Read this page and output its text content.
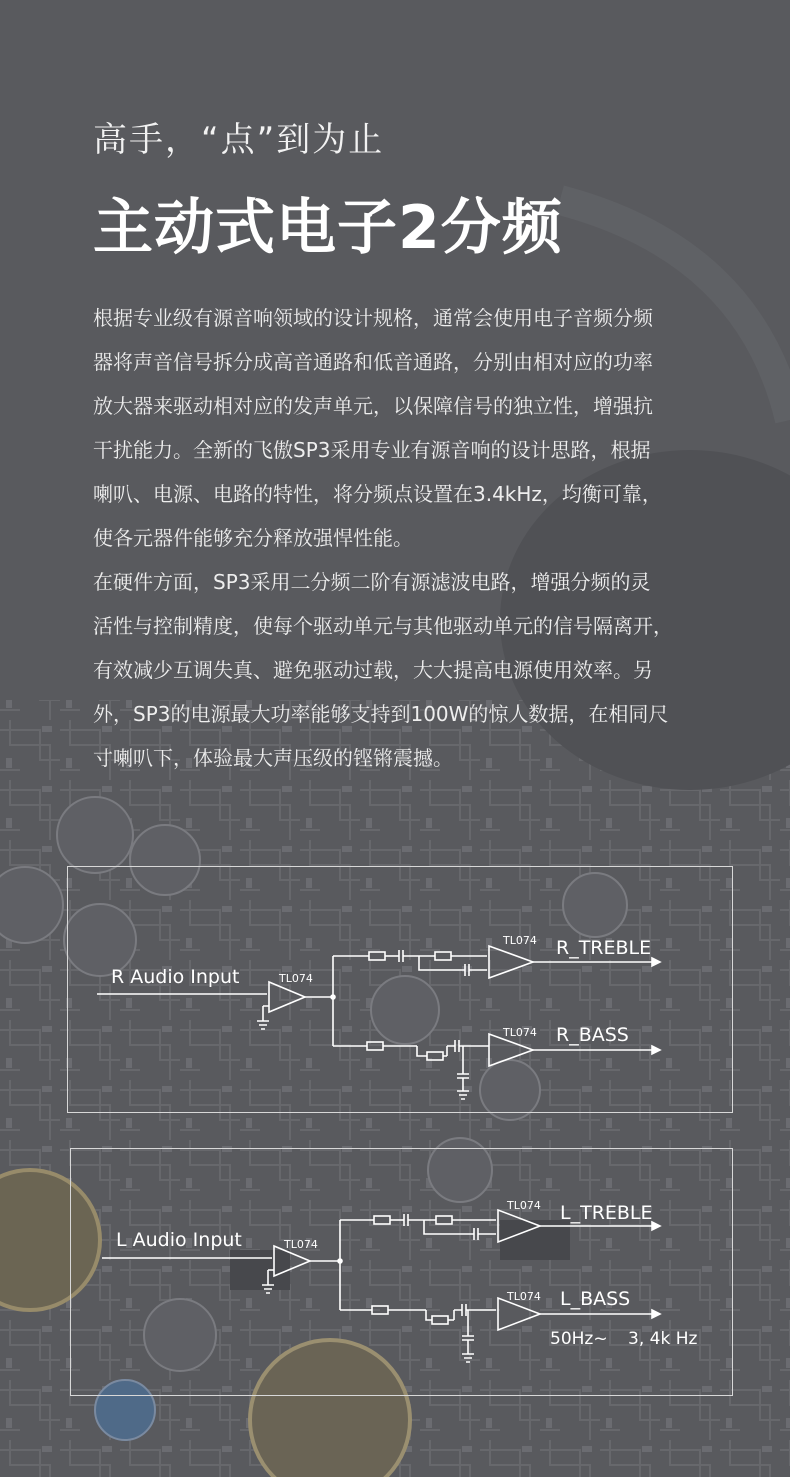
高手，“点”到为止
主动式电子2分频
根据专业级有源音响领域的设计规格，通常会使用电子音频分频
器将声音信号拆分成高音通路和低音通路，分别由相对应的功率
放大器来驱动相对应的发声单元，以保障信号的独立性，增强抗
干扰能力。全新的飞傲SP3采用专业有源音响的设计思路，根据
喇叭、电源、电路的特性，将分频点设置在3.4kHz，均衡可靠，
使各元器件能够充分释放强悍性能。
在硬件方面，SP3采用二分频二阶有源滤波电路，增强分频的灵
活性与控制精度，使每个驱动单元与其他驱动单元的信号隔离开，
有效减少互调失真、避免驱动过载，大大提高电源使用效率。另
外，SP3的电源最大功率能够支持到100W的惊人数据，在相同尺
寸喇叭下，体验最大声压级的铿锵震撼。
R Audio Input	TL074
TL074
TL074
R_TREBLE
R_BASS
L Audio Input	TL074
TL074
TL074
L_TREBLE
L_BASS
50Hz~ 3, 4k Hz
